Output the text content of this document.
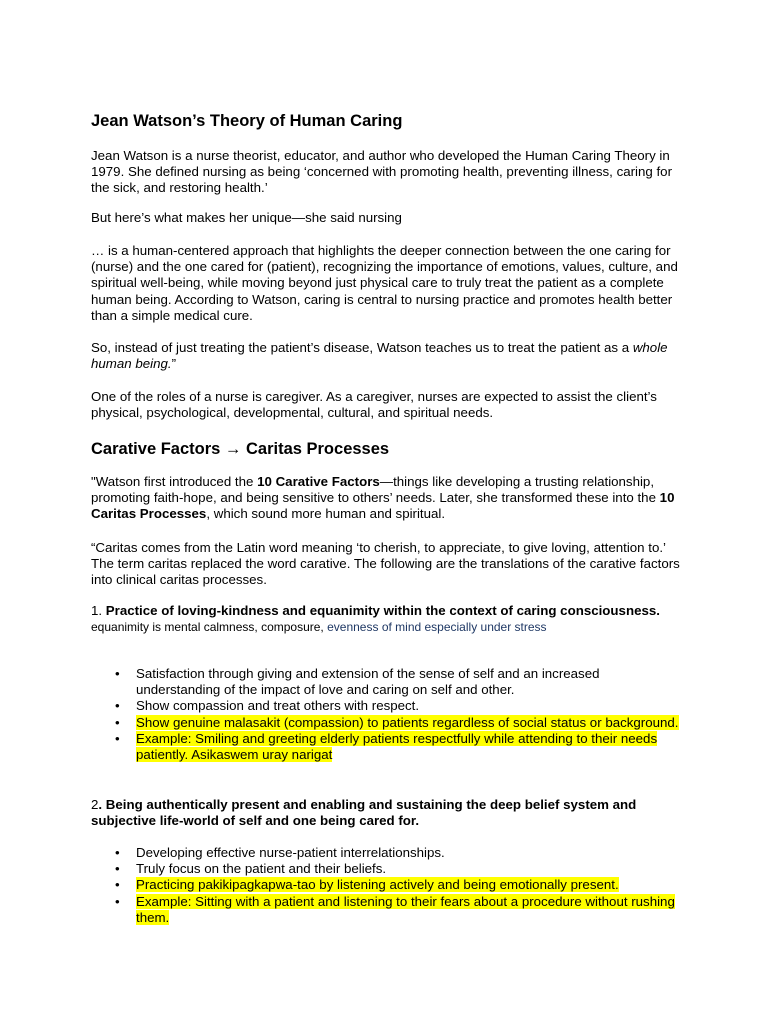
Jean Watson’s Theory of Human Caring

Jean Watson is a nurse theorist, educator, and author who developed the Human Caring Theory in 1979. She defined nursing as being ‘concerned with promoting health, preventing illness, caring for the sick, and restoring health.’

But here’s what makes her unique—she said nursing

… is a human-centered approach that highlights the deeper connection between the one caring for (nurse) and the one cared for (patient), recognizing the importance of emotions, values, culture, and spiritual well-being, while moving beyond just physical care to truly treat the patient as a complete human being. According to Watson, caring is central to nursing practice and promotes health better than a simple medical cure.

So, instead of just treating the patient’s disease, Watson teaches us to treat the patient as a whole human being.”

One of the roles of a nurse is caregiver. As a caregiver, nurses are expected to assist the client’s physical, psychological, developmental, cultural, and spiritual needs.

Carative Factors → Caritas Processes

"Watson first introduced the 10 Carative Factors—things like developing a trusting relationship, promoting faith-hope, and being sensitive to others’ needs. Later, she transformed these into the 10 Caritas Processes, which sound more human and spiritual.

“Caritas comes from the Latin word meaning ‘to cherish, to appreciate, to give loving, attention to.’ The term caritas replaced the word carative. The following are the translations of the carative factors into clinical caritas processes.

1. Practice of loving-kindness and equanimity within the context of caring consciousness. equanimity is mental calmness, composure, evenness of mind especially under stress

• Satisfaction through giving and extension of the sense of self and an increased understanding of the impact of love and caring on self and other.
• Show compassion and treat others with respect.
• Show genuine malasakit (compassion) to patients regardless of social status or background.
• Example: Smiling and greeting elderly patients respectfully while attending to their needs patiently. Asikaswem uray narigat

2. Being authentically present and enabling and sustaining the deep belief system and subjective life-world of self and one being cared for.

• Developing effective nurse-patient interrelationships.
• Truly focus on the patient and their beliefs.
• Practicing pakikipagkapwa-tao by listening actively and being emotionally present.
• Example: Sitting with a patient and listening to their fears about a procedure without rushing them.
